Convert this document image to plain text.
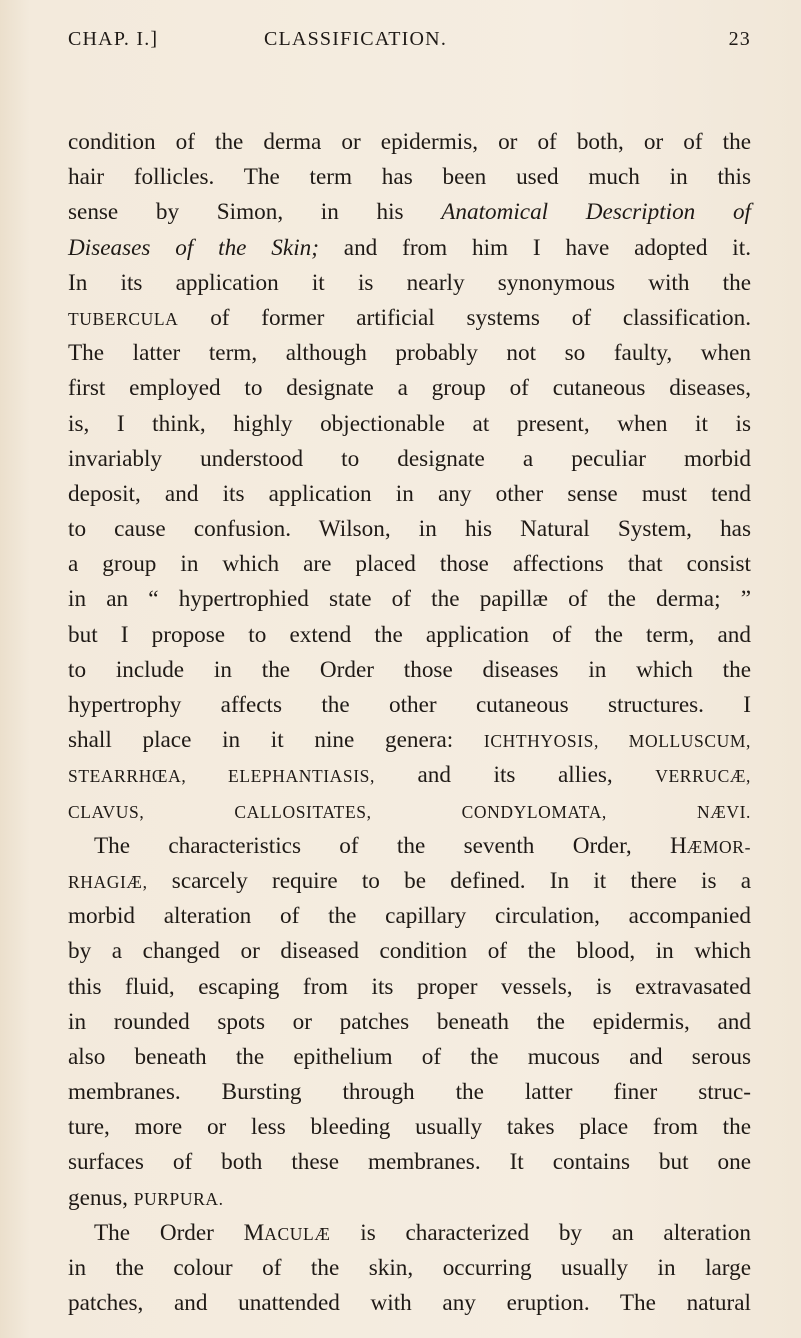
CHAP. I.]	CLASSIFICATION.	23
condition of the derma or epidermis, or of both, or of the
hair follicles. The term has been used much in this
sense by Simon, in his Anatomical Description of
Diseases of the Skin; and from him I have adopted it.
In its application it is nearly synonymous with the
TUBERCULA of former artificial systems of classification.
The latter term, although probably not so faulty, when
first employed to designate a group of cutaneous diseases,
is, I think, highly objectionable at present, when it is
invariably understood to designate a peculiar morbid
deposit, and its application in any other sense must tend
to cause confusion. Wilson, in his Natural System, has
a group in which are placed those affections that consist
in an “ hypertrophied state of the papillæ of the derma; ”
but I propose to extend the application of the term, and
to include in the Order those diseases in which the
hypertrophy affects the other cutaneous structures. I
shall place in it nine genera: ICHTHYOSIS, MOLLUSCUM,
STEARRHŒA, ELEPHANTIASIS, and its allies, VERRUCÆ,
CLAVUS, CALLOSITATES, CONDYLOMATA, NÆVI.
The characteristics of the seventh Order, HÆMOR-
RHAGIÆ, scarcely require to be defined. In it there is a
morbid alteration of the capillary circulation, accompanied
by a changed or diseased condition of the blood, in which
this fluid, escaping from its proper vessels, is extravasated
in rounded spots or patches beneath the epidermis, and
also beneath the epithelium of the mucous and serous
membranes. Bursting through the latter finer struc-
ture, more or less bleeding usually takes place from the
surfaces of both these membranes. It contains but one
genus, PURPURA.
The Order MACULÆ is characterized by an alteration
in the colour of the skin, occurring usually in large
patches, and unattended with any eruption. The natural
